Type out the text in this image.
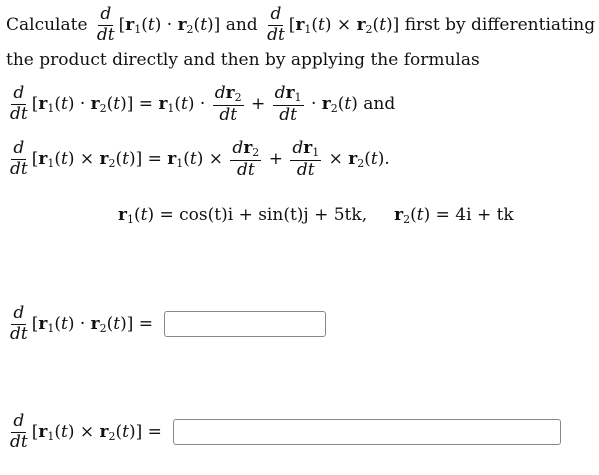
Calculate $\frac{d}{dt} [r_1(t) \cdot r_2(t)]$ and $\frac{d}{dt} [r_1(t) \times r_2(t)]$ first by differentiating
the product directly and then by applying the formulas
$\frac{d}{dt} [r_1(t) \cdot r_2(t)] = r_1(t) \cdot \frac{dr_2}{dt} + \frac{dr_1}{dt} \cdot r_2(t)$ and
$\frac{d}{dt} [r_1(t) \times r_2(t)] = r_1(t) \times \frac{dr_2}{dt} + \frac{dr_1}{dt} \times r_2(t)$.
$r_1(t) = \cos(t)i + \sin(t)j + 5tk$, $r_2(t) = 4i$ + tk
$\frac{d}{dt} [r_1(t) \cdot r_2(t)]$ =
$\frac{d}{dt} [r_1(t) \times r_2(t)]$ =
